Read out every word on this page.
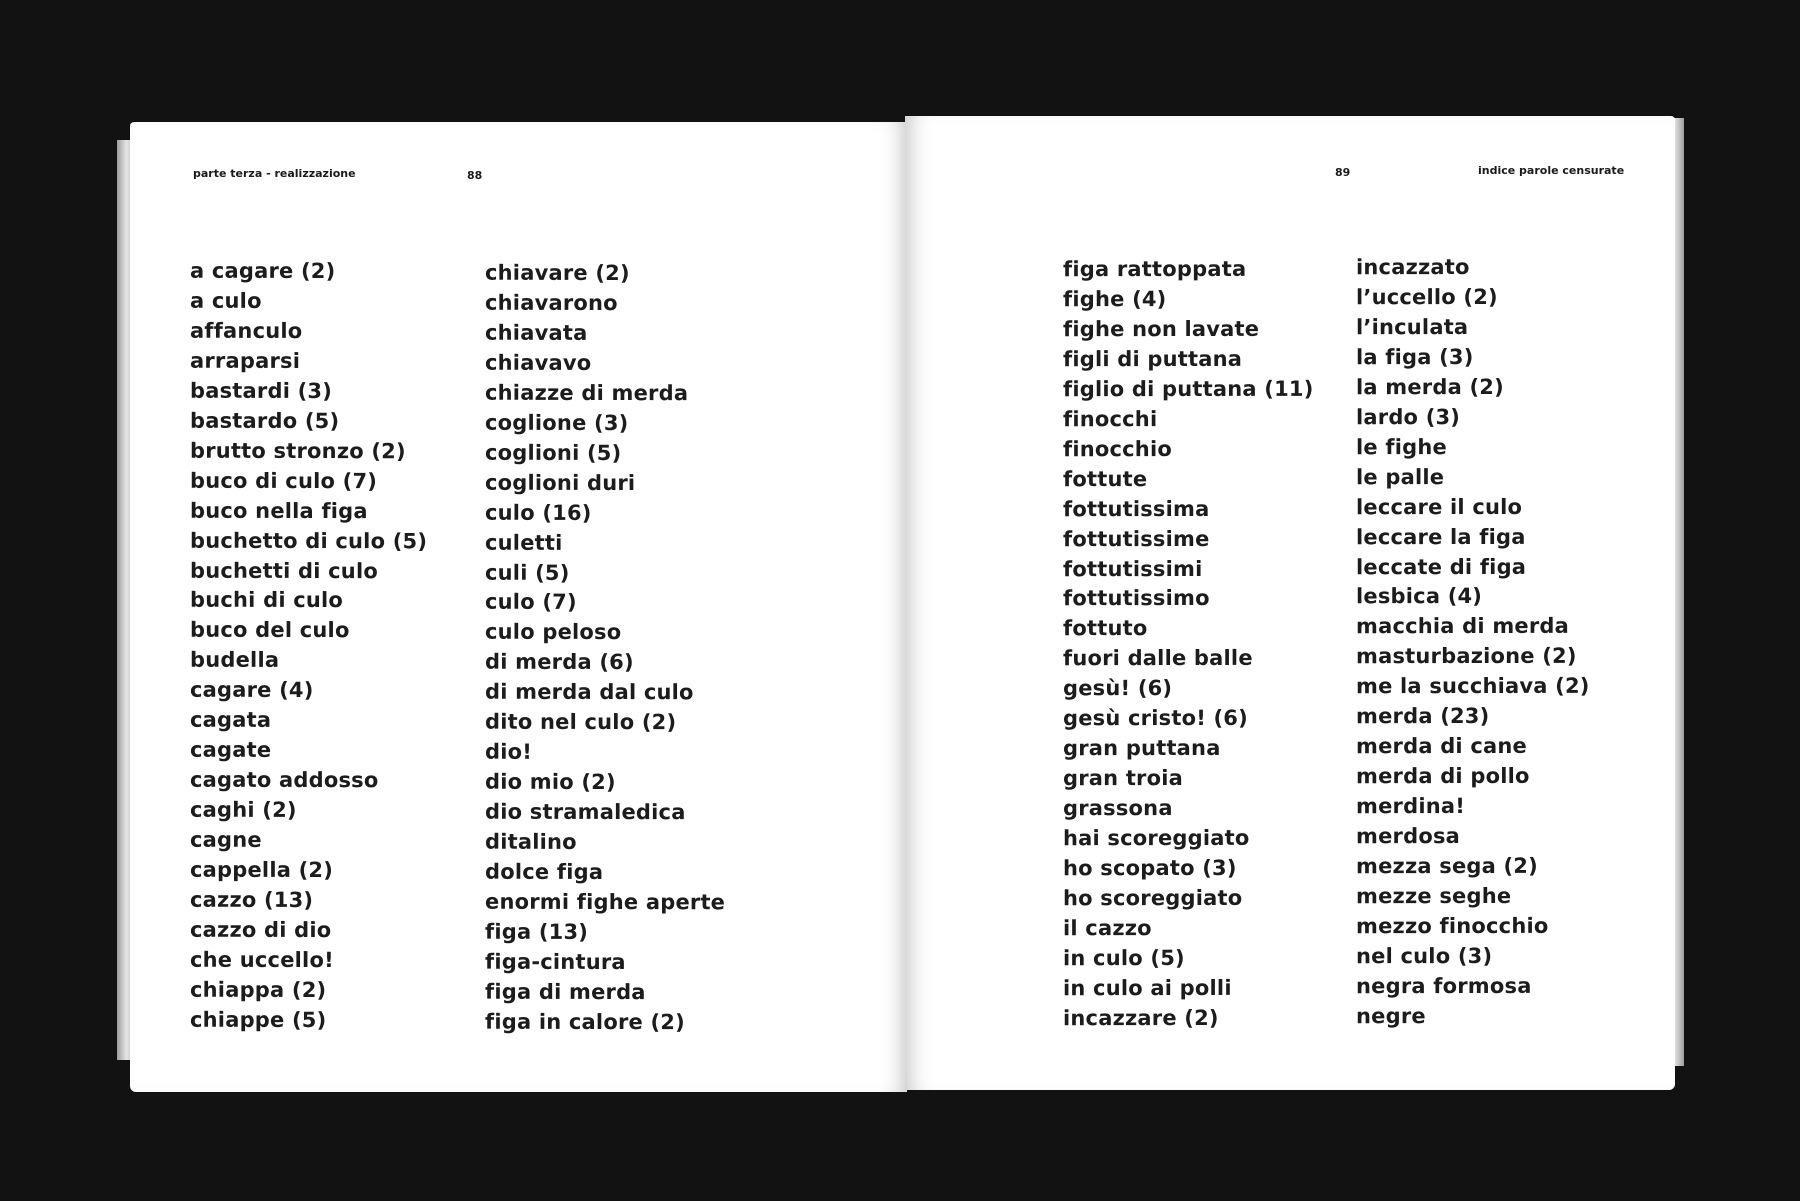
parte terza - realizzazione	88
a cagare (2)
a culo
affanculo
arraparsi
bastardi (3)
bastardo (5)
brutto stronzo (2)
buco di culo (7)
buco nella figa
buchetto di culo (5)
buchetti di culo
buchi di culo
buco del culo
budella
cagare (4)
cagata
cagate
cagato addosso
caghi (2)
cagne
cappella (2)
cazzo (13)
cazzo di dio
che uccello!
chiappa (2)
chiappe (5)
chiavare (2)
chiavarono
chiavata
chiavavo
chiazze di merda
coglione (3)
coglioni (5)
coglioni duri
culo (16)
culetti
culi (5)
culo (7)
culo peloso
di merda (6)
di merda dal culo
dito nel culo (2)
dio!
dio mio (2)
dio stramaledica
ditalino
dolce figa
enormi fighe aperte
figa (13)
figa-cintura
figa di merda
figa in calore (2)
89	indice parole censurate
figa rattoppata
fighe (4)
fighe non lavate
figli di puttana
figlio di puttana (11)
finocchi
finocchio
fottute
fottutissima
fottutissime
fottutissimi
fottutissimo
fottuto
fuori dalle balle
gesù! (6)
gesù cristo! (6)
gran puttana
gran troia
grassona
hai scoreggiato
ho scopato (3)
ho scoreggiato
il cazzo
in culo (5)
in culo ai polli
incazzare (2)
incazzato
l’uccello (2)
l’inculata
la figa (3)
la merda (2)
lardo (3)
le fighe
le palle
leccare il culo
leccare la figa
leccate di figa
lesbica (4)
macchia di merda
masturbazione (2)
me la succhiava (2)
merda (23)
merda di cane
merda di pollo
merdina!
merdosa
mezza sega (2)
mezze seghe
mezzo finocchio
nel culo (3)
negra formosa
negre
